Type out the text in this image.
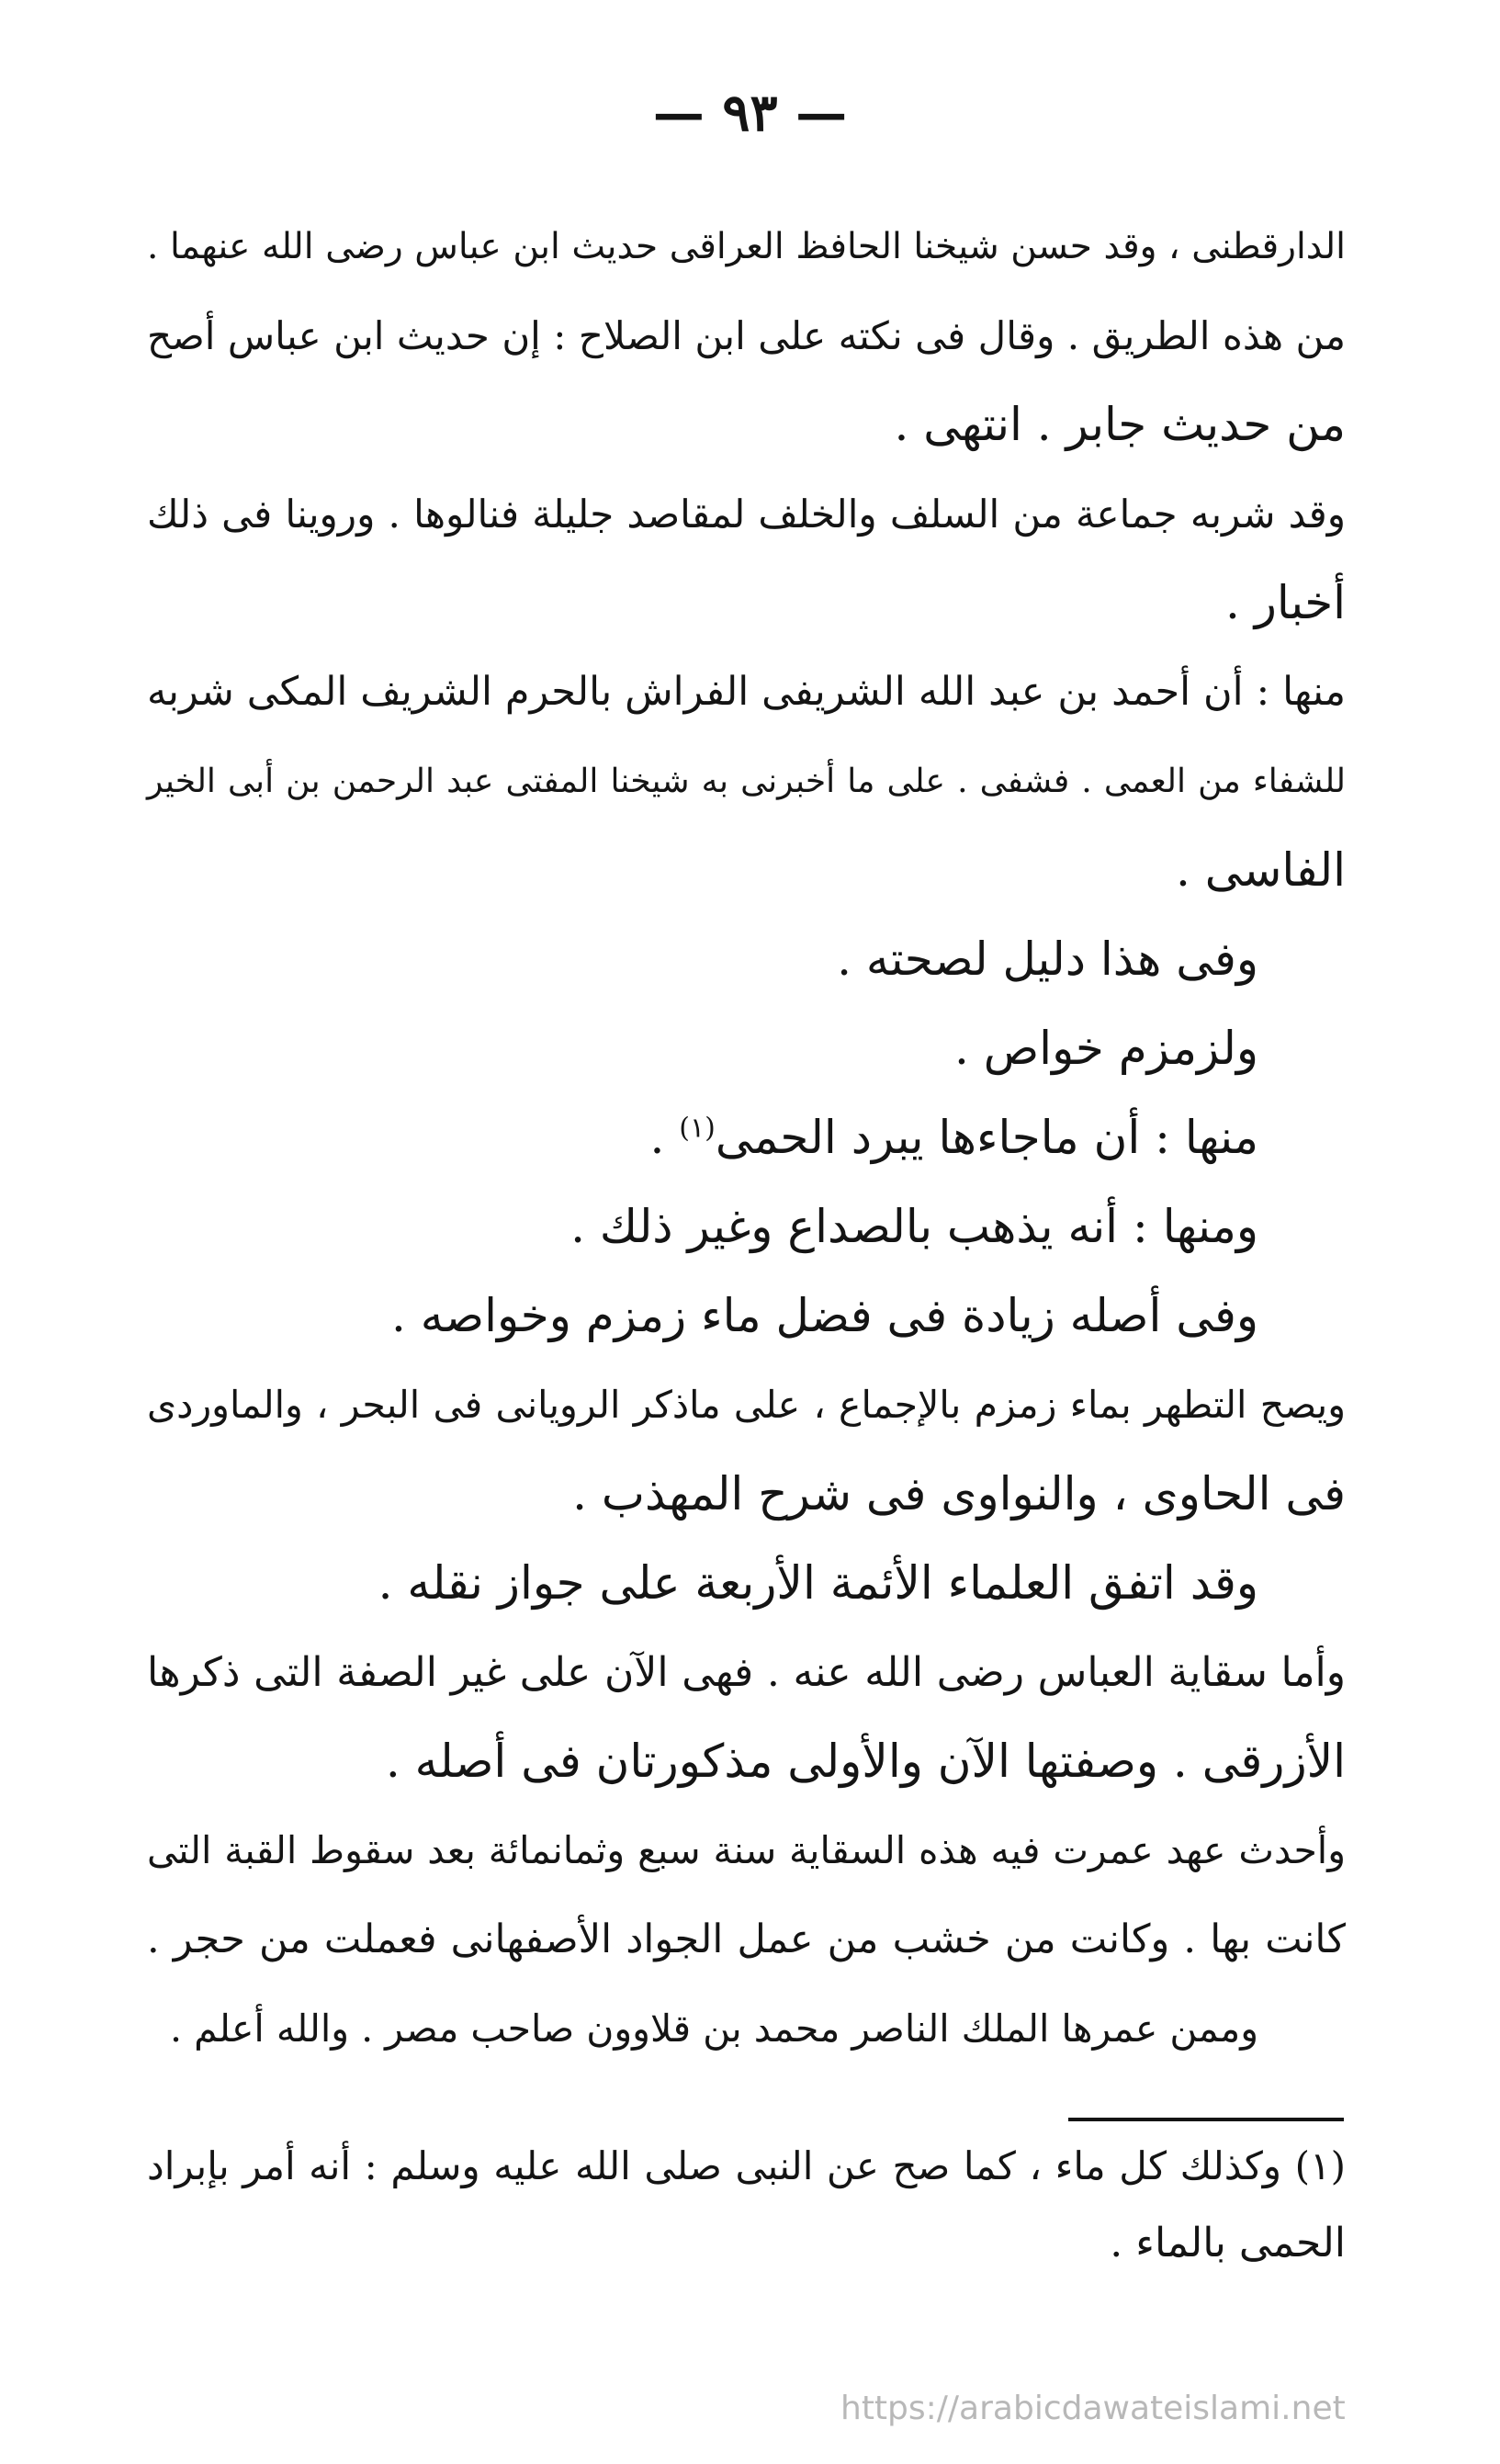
— ٩٣ —
الدارقطنى ، وقد حسن شيخنا الحافظ العراقى حديث ابن عباس رضى الله عنهما .
من هذه الطريق . وقال فى نكته على ابن الصلاح : إن حديث ابن عباس أصح
من حديث جابر . انتهى .
وقد شربه جماعة من السلف والخلف لمقاصد جليلة فنالوها . وروينا فى ذلك
أخبار .
منها : أن أحمد بن عبد الله الشريفى الفراش بالحرم الشريف المكى شربه
للشفاء من العمى . فشفى . على ما أخبرنى به شيخنا المفتى عبد الرحمن بن أبى الخير
الفاسى .
وفى هذا دليل لصحته .
ولزمزم خواص .
منها : أن ماجاءها يبرد الحمى$^{(١)}$ .
ومنها : أنه يذهب بالصداع وغير ذلك .
وفى أصله زيادة فى فضل ماء زمزم وخواصه .
ويصح التطهر بماء زمزم بالإجماع ، على ماذكر الرويانى فى البحر ، والماوردى
فى الحاوى ، والنواوى فى شرح المهذب .
وقد اتفق العلماء الأئمة الأربعة على جواز نقله .
وأما سقاية العباس رضى الله عنه . فهى الآن على غير الصفة التى ذكرها
الأزرقى . وصفتها الآن والأولى مذكورتان فى أصله .
وأحدث عهد عمرت فيه هذه السقاية سنة سبع وثمانمائة بعد سقوط القبة التى
كانت بها . وكانت من خشب من عمل الجواد الأصفهانى فعملت من حجر .
وممن عمرها الملك الناصر محمد بن قلاوون صاحب مصر . والله أعلم .
(١) وكذلك كل ماء ، كما صح عن النبى صلى الله عليه وسلم : أنه أمر بإبراد
الحمى بالماء .
https://arabicdawateislami.net
